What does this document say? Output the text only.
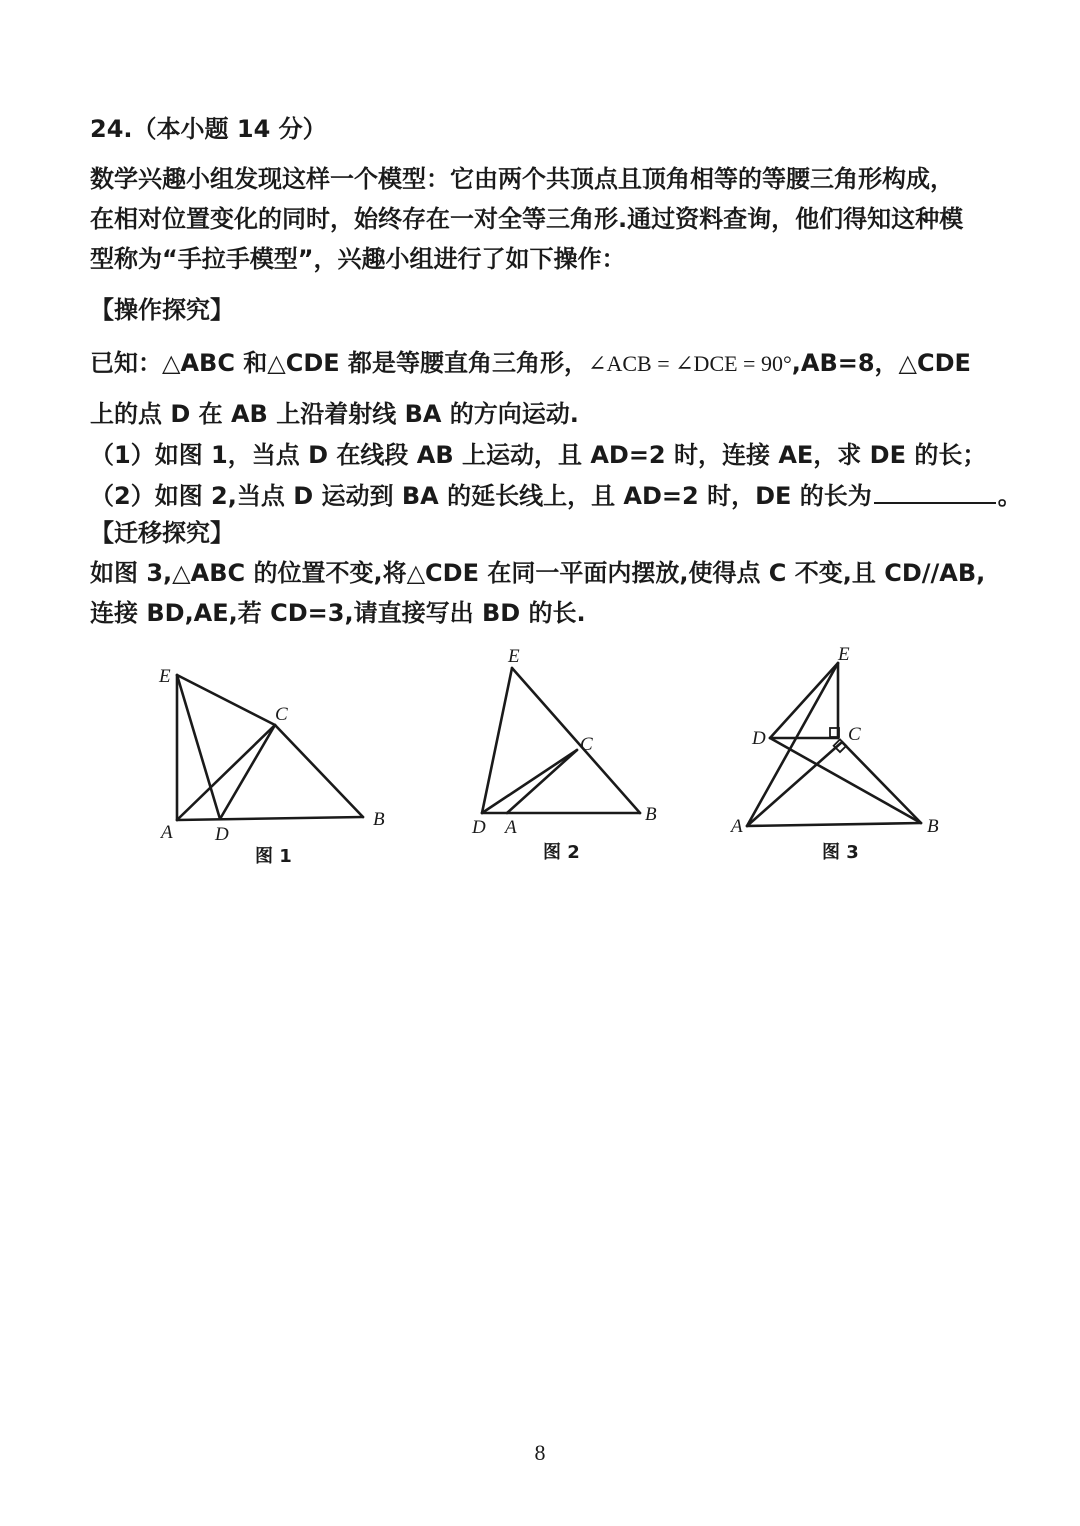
24.（本小题 14 分）
数学兴趣小组发现这样一个模型：它由两个共顶点且顶角相等的等腰三角形构成，
在相对位置变化的同时，始终存在一对全等三角形.通过资料查询，他们得知这种模
型称为“手拉手模型”，兴趣小组进行了如下操作：
【操作探究】
已知：△ABC 和△CDE 都是等腰直角三角形，∠ACB = ∠DCE = 90°,AB=8，△CDE
上的点 D 在 AB 上沿着射线 BA 的方向运动.
（1）如图 1，当点 D 在线段 AB 上运动，且 AD=2 时，连接 AE，求 DE 的长；
（2）如图 2,当点 D 运动到 BA 的延长线上，且 AD=2 时，DE 的长为	。
【迁移探究】
如图 3,△ABC 的位置不变,将△CDE 在同一平面内摆放,使得点 C 不变,且 CD//AB,
连接 BD,AE,若 CD=3,请直接写出 BD 的长.
E
C
A D
B
图 1
E
C
D A
B
图 2
E
D	C
A	B
图 3
8
